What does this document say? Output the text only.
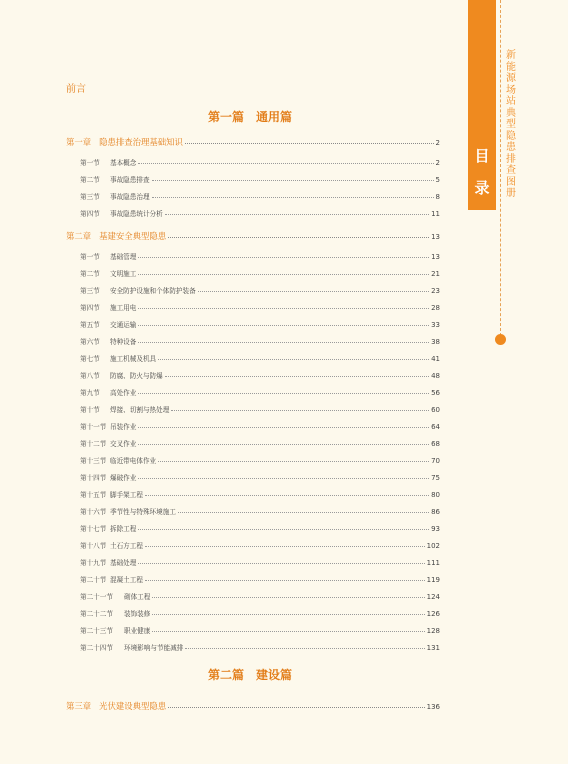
目录
新能源场站典型隐患排查图册
前言
第一篇　通用篇
第一章 隐患排查治理基础知识	2
第一节	基本概念	2
第二节	事故隐患排查	5
第三节	事故隐患治理	8
第四节	事故隐患统计分析	11
第二章 基建安全典型隐患	13
第一节	基础管理	13
第二节	文明施工	21
第三节	安全防护设施和个体防护装备	23
第四节	施工用电	28
第五节	交通运输	33
第六节	特种设备	38
第七节	施工机械及机具	41
第八节	防腐、防火与防爆	48
第九节	高处作业	56
第十节	焊接、切割与热处理	60
第十一节 吊装作业	64
第十二节 交叉作业	68
第十三节 临近带电体作业	70
第十四节 爆破作业	75
第十五节 脚手架工程	80
第十六节 季节性与特殊环境施工	86
第十七节 拆除工程	93
第十八节 土石方工程	102
第十九节 基础处理	111
第二十节 混凝土工程	119
第二十一节	砌体工程	124
第二十二节	装饰装修	126
第二十三节	职业健康	128
第二十四节	环境影响与节能减排	131
第二篇　建设篇
第三章 光伏建设典型隐患	136
